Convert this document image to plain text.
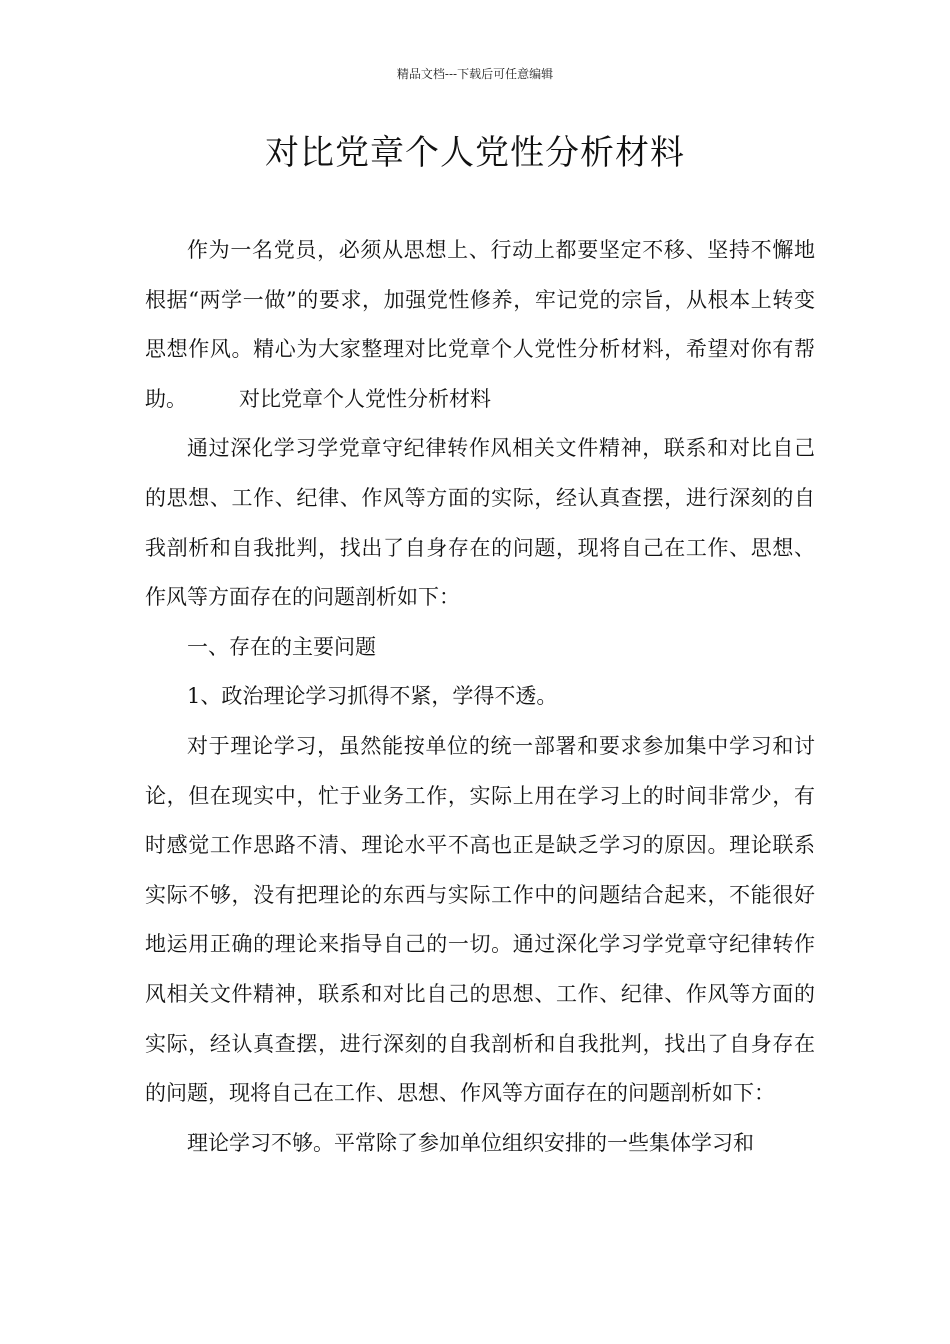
精品文档---下载后可任意编辑
对比党章个人党性分析材料

作为一名党员，必须从思想上、行动上都要坚定不移、坚持不懈地根据“两学一做”的要求，加强党性修养，牢记党的宗旨，从根本上转变思想作风。精心为大家整理对比党章个人党性分析材料，希望对你有帮助。 对比党章个人党性分析材料

通过深化学习学党章守纪律转作风相关文件精神，联系和对比自己的思想、工作、纪律、作风等方面的实际，经认真查摆，进行深刻的自我剖析和自我批判，找出了自身存在的问题，现将自己在工作、思想、作风等方面存在的问题剖析如下：

一、存在的主要问题

1、政治理论学习抓得不紧，学得不透。

对于理论学习，虽然能按单位的统一部署和要求参加集中学习和讨论，但在现实中，忙于业务工作，实际上用在学习上的时间非常少，有时感觉工作思路不清、理论水平不高也正是缺乏学习的原因。理论联系实际不够，没有把理论的东西与实际工作中的问题结合起来，不能很好地运用正确的理论来指导自己的一切。通过深化学习学党章守纪律转作风相关文件精神，联系和对比自己的思想、工作、纪律、作风等方面的实际，经认真查摆，进行深刻的自我剖析和自我批判，找出了自身存在的问题，现将自己在工作、思想、作风等方面存在的问题剖析如下：

理论学习不够。平常除了参加单位组织安排的一些集体学习和
